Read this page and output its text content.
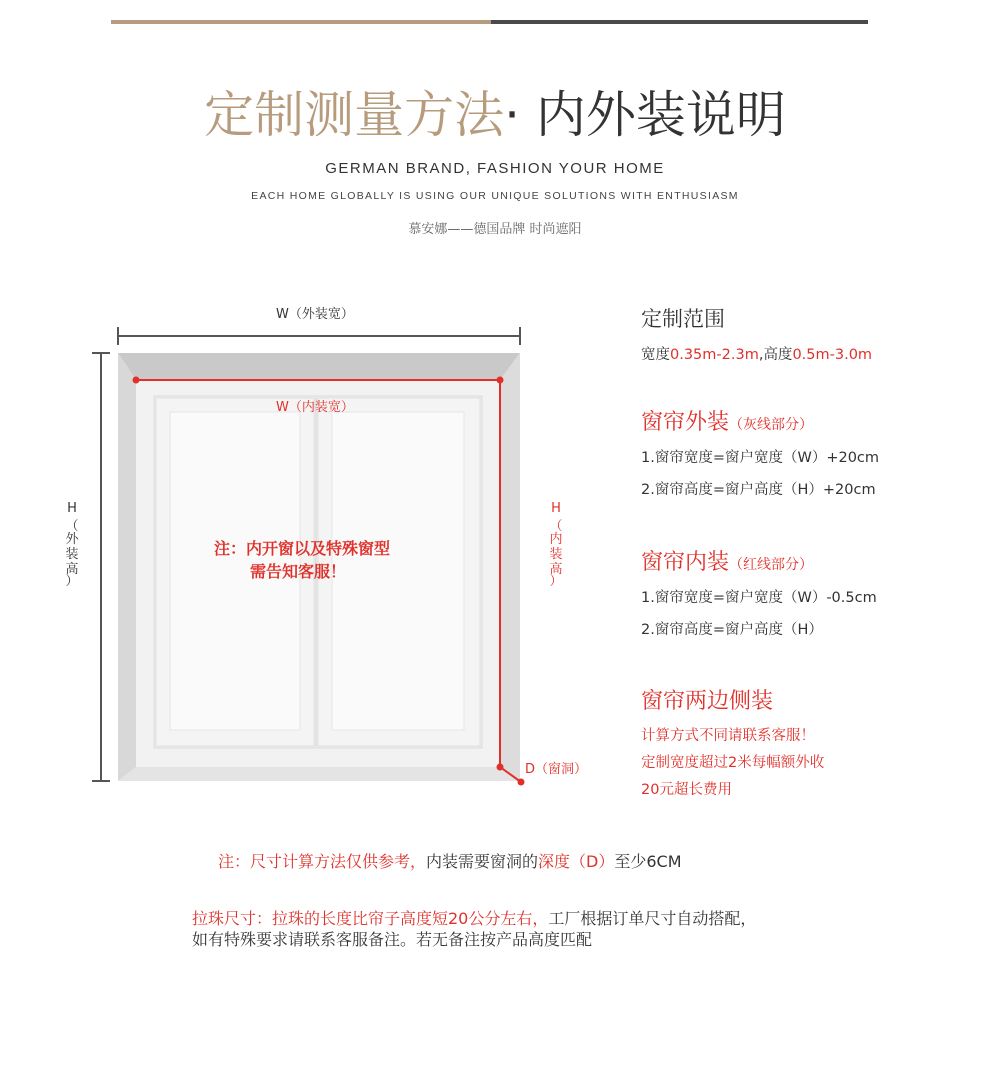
定制测量方法· 内外装说明
GERMAN BRAND, FASHION YOUR HOME
EACH HOME GLOBALLY IS USING OUR UNIQUE SOLUTIONS WITH ENTHUSIASM
慕安娜——德国品牌 时尚遮阳
W（外装宽）
W（内装宽）
H
（
外
装
高
）
H
（
内
装
高
）
D（窗洞）
注：内开窗以及特殊窗型
需告知客服！
定制范围
宽度0.35m-2.3m,高度0.5m-3.0m
窗帘外装（灰线部分）
1.窗帘宽度=窗户宽度（W）+20cm
2.窗帘高度=窗户高度（H）+20cm
窗帘内装（红线部分）
1.窗帘宽度=窗户宽度（W）-0.5cm
2.窗帘高度=窗户高度（H）
窗帘两边侧装
计算方式不同请联系客服！
定制宽度超过2米每幅额外收
20元超长费用
注：尺寸计算方法仅供参考，内装需要窗洞的深度（D）至少6CM
拉珠尺寸：拉珠的长度比帘子高度短20公分左右，工厂根据订单尺寸自动搭配，
如有特殊要求请联系客服备注。若无备注按产品高度匹配
